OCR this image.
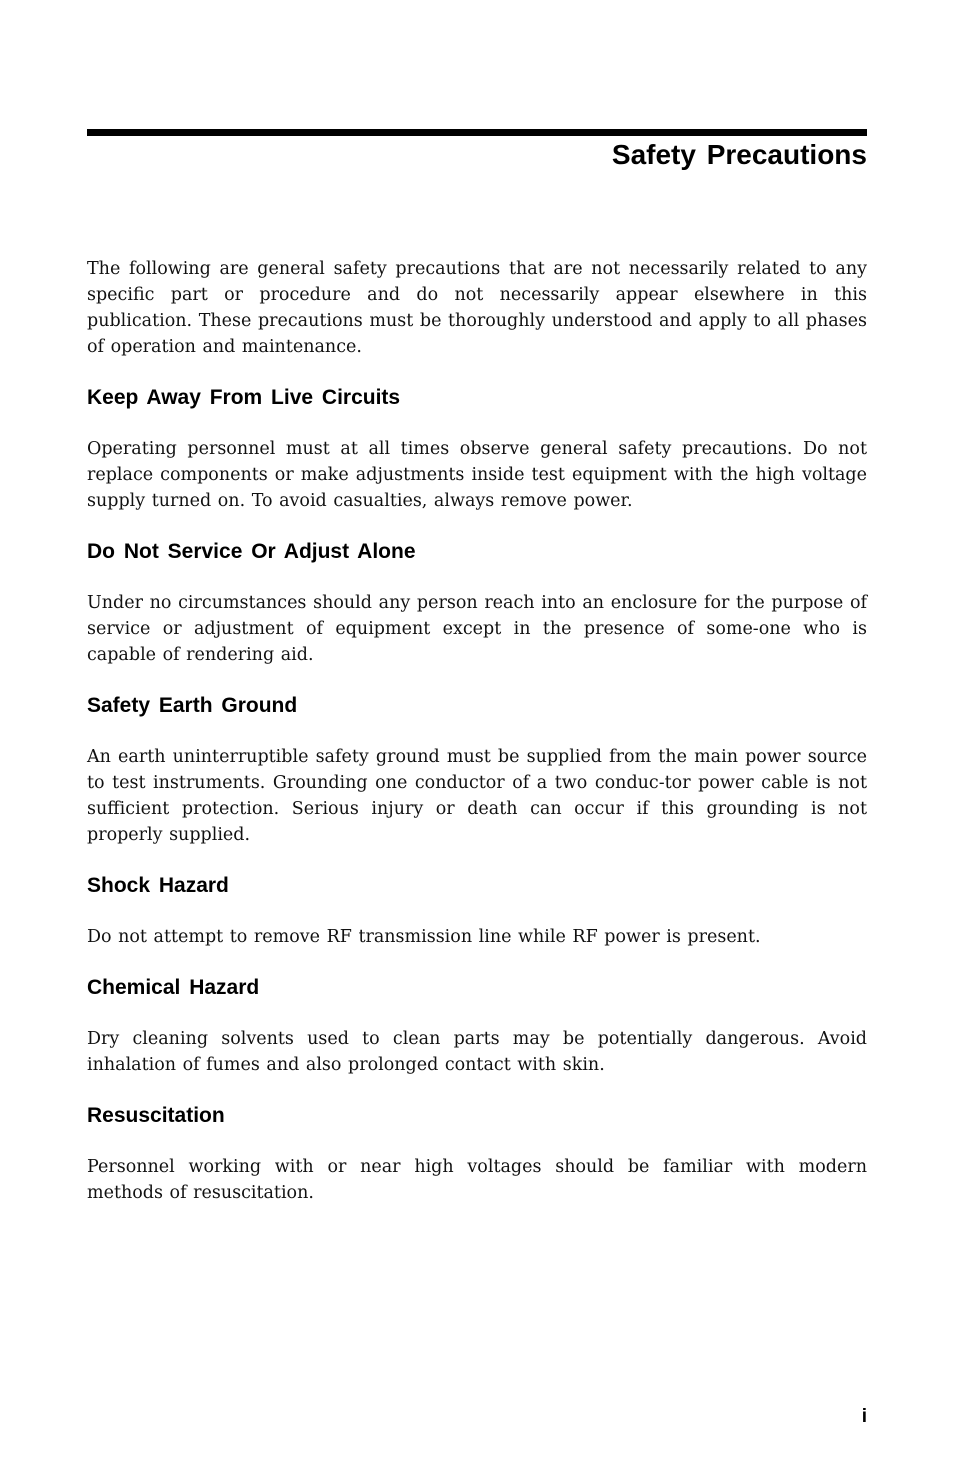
Safety Precautions

The following are general safety precautions that are not necessarily related to any specific part or procedure and do not necessarily appear elsewhere in this publication. These precautions must be thoroughly understood and apply to all phases of operation and maintenance.

Keep Away From Live Circuits

Operating personnel must at all times observe general safety precautions. Do not replace components or make adjustments inside test equipment with the high voltage supply turned on. To avoid casualties, always remove power.

Do Not Service Or Adjust Alone

Under no circumstances should any person reach into an enclosure for the purpose of service or adjustment of equipment except in the presence of some-one who is capable of rendering aid.

Safety Earth Ground

An earth uninterruptible safety ground must be supplied from the main power source to test instruments. Grounding one conductor of a two conduc-tor power cable is not sufficient protection. Serious injury or death can occur if this grounding is not properly supplied.

Shock Hazard

Do not attempt to remove RF transmission line while RF power is present.

Chemical Hazard

Dry cleaning solvents used to clean parts may be potentially dangerous. Avoid inhalation of fumes and also prolonged contact with skin.

Resuscitation

Personnel working with or near high voltages should be familiar with modern methods of resuscitation.

i
